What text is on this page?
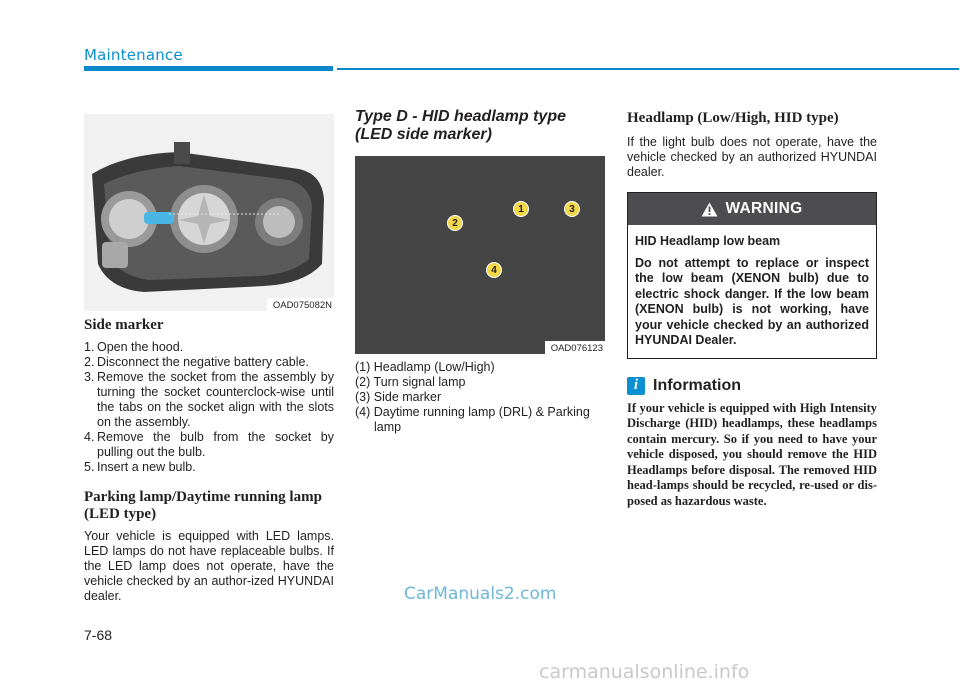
Maintenance
OAD075082N
Side marker
1. Open the hood.
2. Disconnect the negative battery cable.
3. Remove the socket from the assembly by turning the socket counterclock-wise until the tabs on the socket align with the slots on the assembly.
4. Remove the bulb from the socket by pulling out the bulb.
5. Insert a new bulb.
Parking lamp/Daytime running lamp (LED type)

Your vehicle is equipped with LED lamps. LED lamps do not have replaceable bulbs. If the LED lamp does not operate, have the vehicle checked by an author-ized HYUNDAI dealer.

Type D - HID headlamp type (LED side marker)
1
2
3
4
OAD076123
(1) Headlamp (Low/High)
(2) Turn signal lamp
(3) Side marker
(4) Daytime running lamp (DRL) & Parking lamp
Headlamp (Low/High, HID type)

If the light bulb does not operate, have the vehicle checked by an authorized HYUNDAI dealer.

WARNING
HID Headlamp low beam
Do not attempt to replace or inspect the low beam (XENON bulb) due to electric shock danger. If the low beam (XENON bulb) is not working, have your vehicle checked by an authorized HYUNDAI Dealer.
i Information
If your vehicle is equipped with High Intensity Discharge (HID) headlamps, these headlamps contain mercury. So if you need to have your vehicle disposed, you should remove the HID Headlamps before disposal. The removed HID head-lamps should be recycled, re-used or dis-posed as hazardous waste.
CarManuals2.com
7-68
carmanualsonline.info
